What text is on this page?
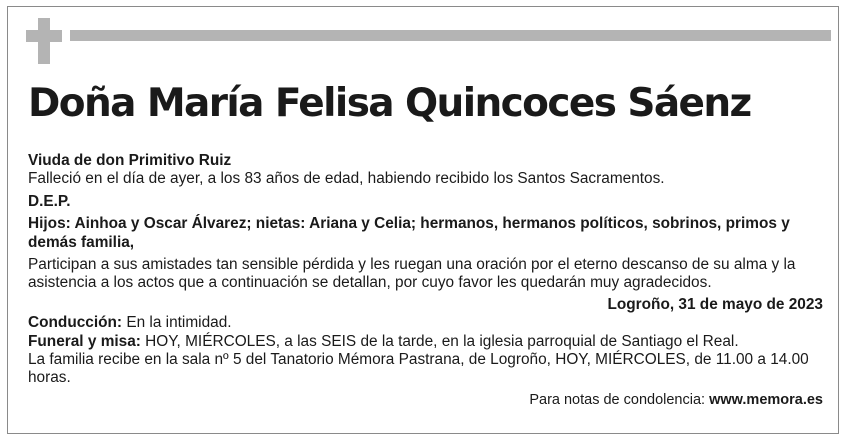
Doña María Felisa Quincoces Sáenz

Viuda de don Primitivo Ruiz

Falleció en el día de ayer, a los 83 años de edad, habiendo recibido los Santos Sacramentos.

D.E.P.

Hijos: Ainhoa y Oscar Álvarez; nietas: Ariana y Celia; hermanos, hermanos políticos, sobrinos, primos y demás familia,

Participan a sus amistades tan sensible pérdida y les ruegan una oración por el eterno descanso de su alma y la asistencia a los actos que a continuación se detallan, por cuyo favor les quedarán muy agradecidos.

Logroño, 31 de mayo de 2023

Conducción: En la intimidad.

Funeral y misa: HOY, MIÉRCOLES, a las SEIS de la tarde, en la iglesia parroquial de Santiago el Real.

La familia recibe en la sala nº 5 del Tanatorio Mémora Pastrana, de Logroño, HOY, MIÉRCOLES, de 11.00 a 14.00 horas.

Para notas de condolencia: www.memora.es
